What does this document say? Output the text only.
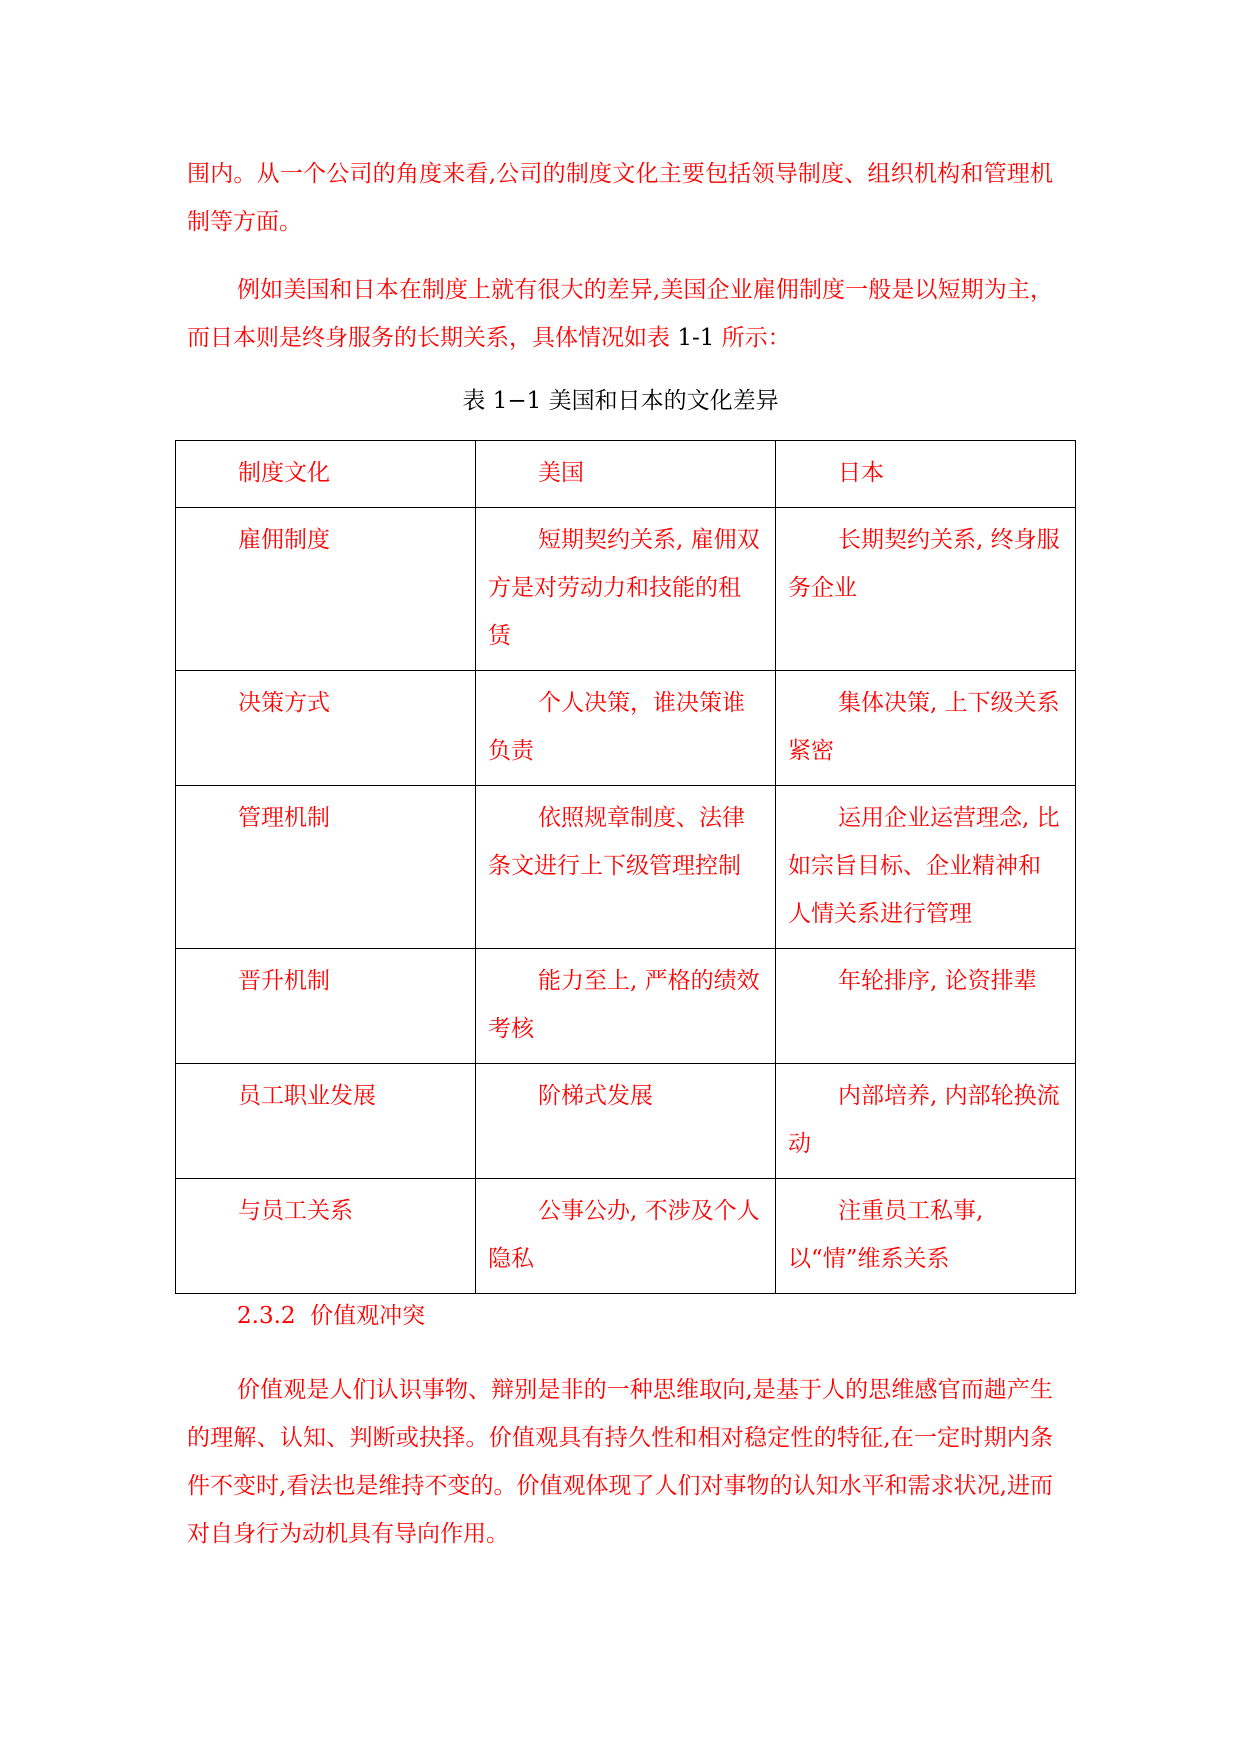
围内。从一个公司的角度来看,公司的制度文化主要包括领导制度、组织机构和管理机制等方面。

例如美国和日本在制度上就有很大的差异,美国企业雇佣制度一般是以短期为主，而日本则是终身服务的长期关系，具体情况如表 1-1 所示：

表 1−1 美国和日本的文化差异
制度文化	美国	日本

雇佣制度	短期契约关系, 雇佣双方是对劳动力和技能的租赁	长期契约关系, 终身服务企业

决策方式	个人决策，谁决策谁负责	集体决策, 上下级关系紧密

管理机制	依照规章制度、法律条文进行上下级管理控制	运用企业运营理念, 比如宗旨目标、企业精神和人情关系进行管理

晋升机制	能力至上, 严格的绩效考核	年轮排序, 论资排辈

员工职业发展	阶梯式发展	内部培养, 内部轮换流动

与员工关系	公事公办, 不涉及个人隐私	注重员工私事, 以“情”维系关系
2.3.2 价值观冲突

价值观是人们认识事物、辩别是非的一种思维取向,是基于人的思维感官而趉产生的理解、认知、判断或抉择。价值观具有持久性和相对稳定性的特征,在一定时期内条件不变时,看法也是维持不变的。价值观体现了人们对事物的认知水平和需求状况,进而对自身行为动机具有导向作用。
